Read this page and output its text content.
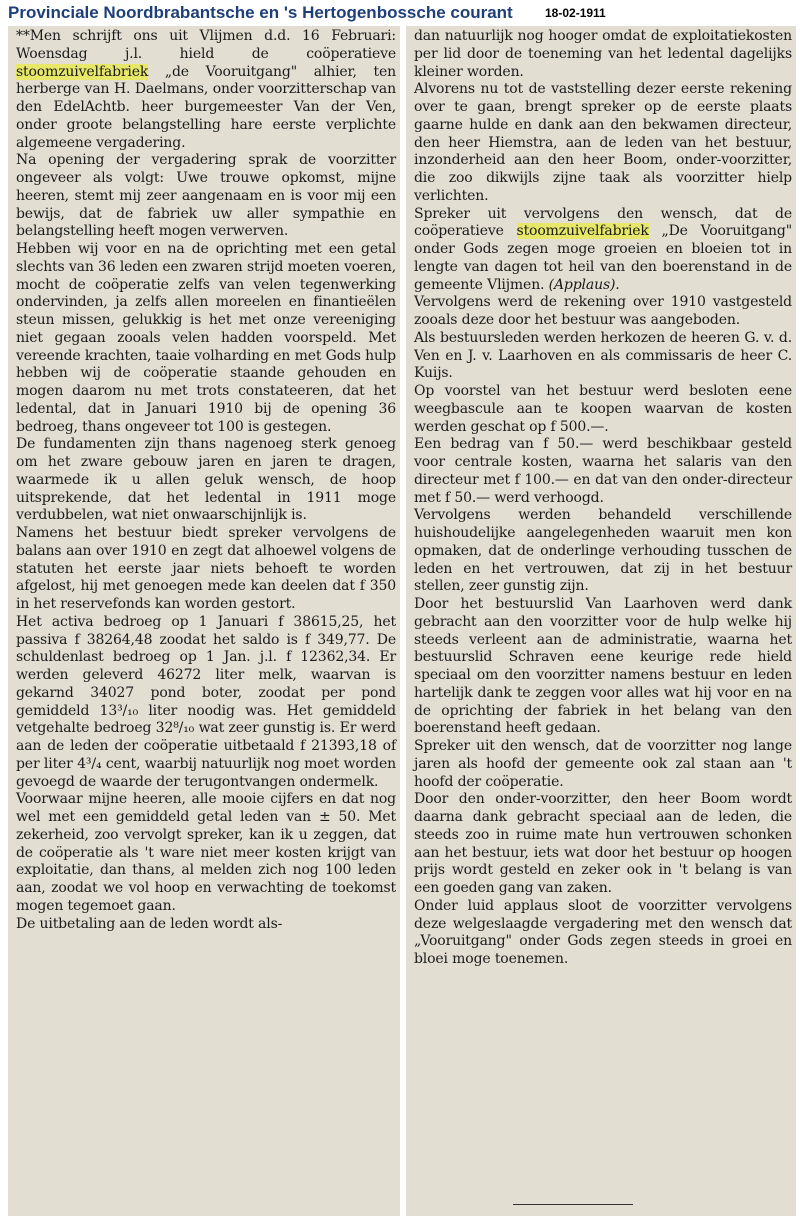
Provinciale Noordbrabantsche en 's Hertogenbossche courant	18-02-1911

**Men schrijft ons uit Vlijmen d.d. 16 Februari: Woensdag j.l. hield de coöperatieve stoomzuivelfabriek „de Vooruitgang" alhier, ten herberge van H. Daelmans, onder voorzitterschap van den EdelAchtb. heer burgemeester Van der Ven, onder groote belangstelling hare eerste verplichte algemeene vergadering.

Na opening der vergadering sprak de voorzitter ongeveer als volgt: Uwe trouwe opkomst, mijne heeren, stemt mij zeer aangenaam en is voor mij een bewijs, dat de fabriek uw aller sympathie en belangstelling heeft mogen verwerven.

Hebben wij voor en na de oprichting met een getal slechts van 36 leden een zwaren strijd moeten voeren, mocht de coöperatie zelfs van velen tegenwerking ondervinden, ja zelfs allen moreelen en finantieëlen steun missen, gelukkig is het met onze vereeniging niet gegaan zooals velen hadden voorspeld. Met vereende krachten, taaie volharding en met Gods hulp hebben wij de coöperatie staande gehouden en mogen daarom nu met trots constateeren, dat het ledental, dat in Januari 1910 bij de opening 36 bedroeg, thans ongeveer tot 100 is gestegen.

De fundamenten zijn thans nagenoeg sterk genoeg om het zware gebouw jaren en jaren te dragen, waarmede ik u allen geluk wensch, de hoop uitsprekende, dat het ledental in 1911 moge verdubbelen, wat niet onwaarschijnlijk is.

Namens het bestuur biedt spreker vervolgens de balans aan over 1910 en zegt dat alhoewel volgens de statuten het eerste jaar niets behoeft te worden afgelost, hij met genoegen mede kan deelen dat f 350 in het reservefonds kan worden gestort.

Het activa bedroeg op 1 Januari f 38615,25, het passiva f 38264,48 zoodat het saldo is f 349,77. De schuldenlast bedroeg op 1 Jan. j.l. f 12362,34. Er werden geleverd 46272 liter melk, waarvan is gekarnd 34027 pond boter, zoodat per pond gemiddeld 13³/₁₀ liter noodig was. Het gemiddeld vetgehalte bedroeg 32⁸/₁₀ wat zeer gunstig is. Er werd aan de leden der coöperatie uitbetaald f 21393,18 of per liter 4³/₄ cent, waarbij natuurlijk nog moet worden gevoegd de waarde der terugontvangen ondermelk.

Voorwaar mijne heeren, alle mooie cijfers en dat nog wel met een gemiddeld getal leden van ± 50. Met zekerheid, zoo vervolgt spreker, kan ik u zeggen, dat de coöperatie als 't ware niet meer kosten krijgt van exploitatie, dan thans, al melden zich nog 100 leden aan, zoodat we vol hoop en verwachting de toekomst mogen tegemoet gaan.

De uitbetaling aan de leden wordt als-

dan natuurlijk nog hooger omdat de exploitatiekosten per lid door de toeneming van het ledental dagelijks kleiner worden.

Alvorens nu tot de vaststelling dezer eerste rekening over te gaan, brengt spreker op de eerste plaats gaarne hulde en dank aan den bekwamen directeur, den heer Hiemstra, aan de leden van het bestuur, inzonderheid aan den heer Boom, onder-voorzitter, die zoo dikwijls zijne taak als voorzitter hielp verlichten.

Spreker uit vervolgens den wensch, dat de coöperatieve stoomzuivelfabriek „De Vooruitgang" onder Gods zegen moge groeien en bloeien tot in lengte van dagen tot heil van den boerenstand in de gemeente Vlijmen. (Applaus).

Vervolgens werd de rekening over 1910 vastgesteld zooals deze door het bestuur was aangeboden.

Als bestuursleden werden herkozen de heeren G. v. d. Ven en J. v. Laarhoven en als commissaris de heer C. Kuijs.

Op voorstel van het bestuur werd besloten eene weegbascule aan te koopen waarvan de kosten werden geschat op f 500.—.

Een bedrag van f 50.— werd beschikbaar gesteld voor centrale kosten, waarna het salaris van den directeur met f 100.— en dat van den onder-directeur met f 50.— werd verhoogd.

Vervolgens werden behandeld verschillende huishoudelijke aangelegenheden waaruit men kon opmaken, dat de onderlinge verhouding tusschen de leden en het vertrouwen, dat zij in het bestuur stellen, zeer gunstig zijn.

Door het bestuurslid Van Laarhoven werd dank gebracht aan den voorzitter voor de hulp welke hij steeds verleent aan de administratie, waarna het bestuurslid Schraven eene keurige rede hield speciaal om den voorzitter namens bestuur en leden hartelijk dank te zeggen voor alles wat hij voor en na de oprichting der fabriek in het belang van den boerenstand heeft gedaan.

Spreker uit den wensch, dat de voorzitter nog lange jaren als hoofd der gemeente ook zal staan aan 't hoofd der coöperatie.

Door den onder-voorzitter, den heer Boom wordt daarna dank gebracht speciaal aan de leden, die steeds zoo in ruime mate hun vertrouwen schonken aan het bestuur, iets wat door het bestuur op hoogen prijs wordt gesteld en zeker ook in 't belang is van een goeden gang van zaken.

Onder luid applaus sloot de voorzitter vervolgens deze welgeslaagde vergadering met den wensch dat „Vooruitgang" onder Gods zegen steeds in groei en bloei moge toenemen.
